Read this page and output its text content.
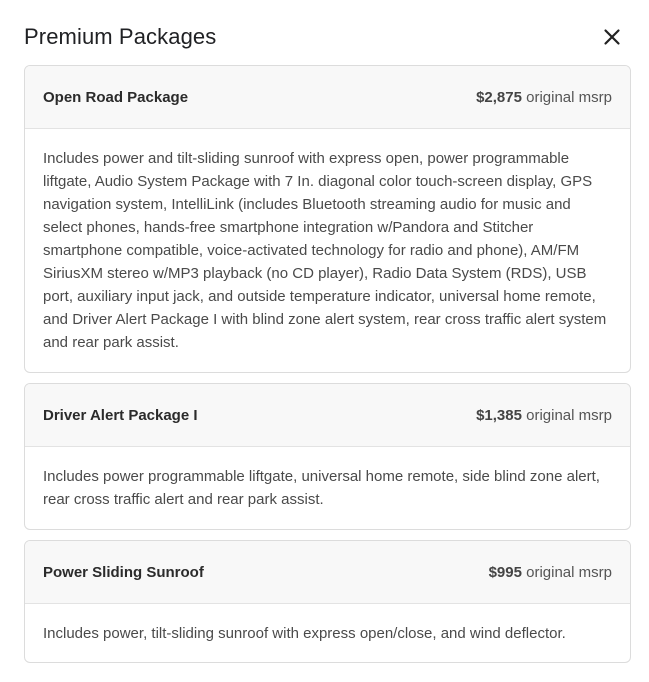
Premium Packages
Open Road Package	$2,875 original msrp

Includes power and tilt-sliding sunroof with express open, power programmable liftgate, Audio System Package with 7 In. diagonal color touch-screen display, GPS navigation system, IntelliLink (includes Bluetooth streaming audio for music and select phones, hands-free smartphone integration w/Pandora and Stitcher smartphone compatible, voice-activated technology for radio and phone), AM/FM SiriusXM stereo w/MP3 playback (no CD player), Radio Data System (RDS), USB port, auxiliary input jack, and outside temperature indicator, universal home remote, and Driver Alert Package I with blind zone alert system, rear cross traffic alert system and rear park assist.

Driver Alert Package I	$1,385 original msrp

Includes power programmable liftgate, universal home remote, side blind zone alert, rear cross traffic alert and rear park assist.

Power Sliding Sunroof	$995 original msrp

Includes power, tilt-sliding sunroof with express open/close, and wind deflector.
